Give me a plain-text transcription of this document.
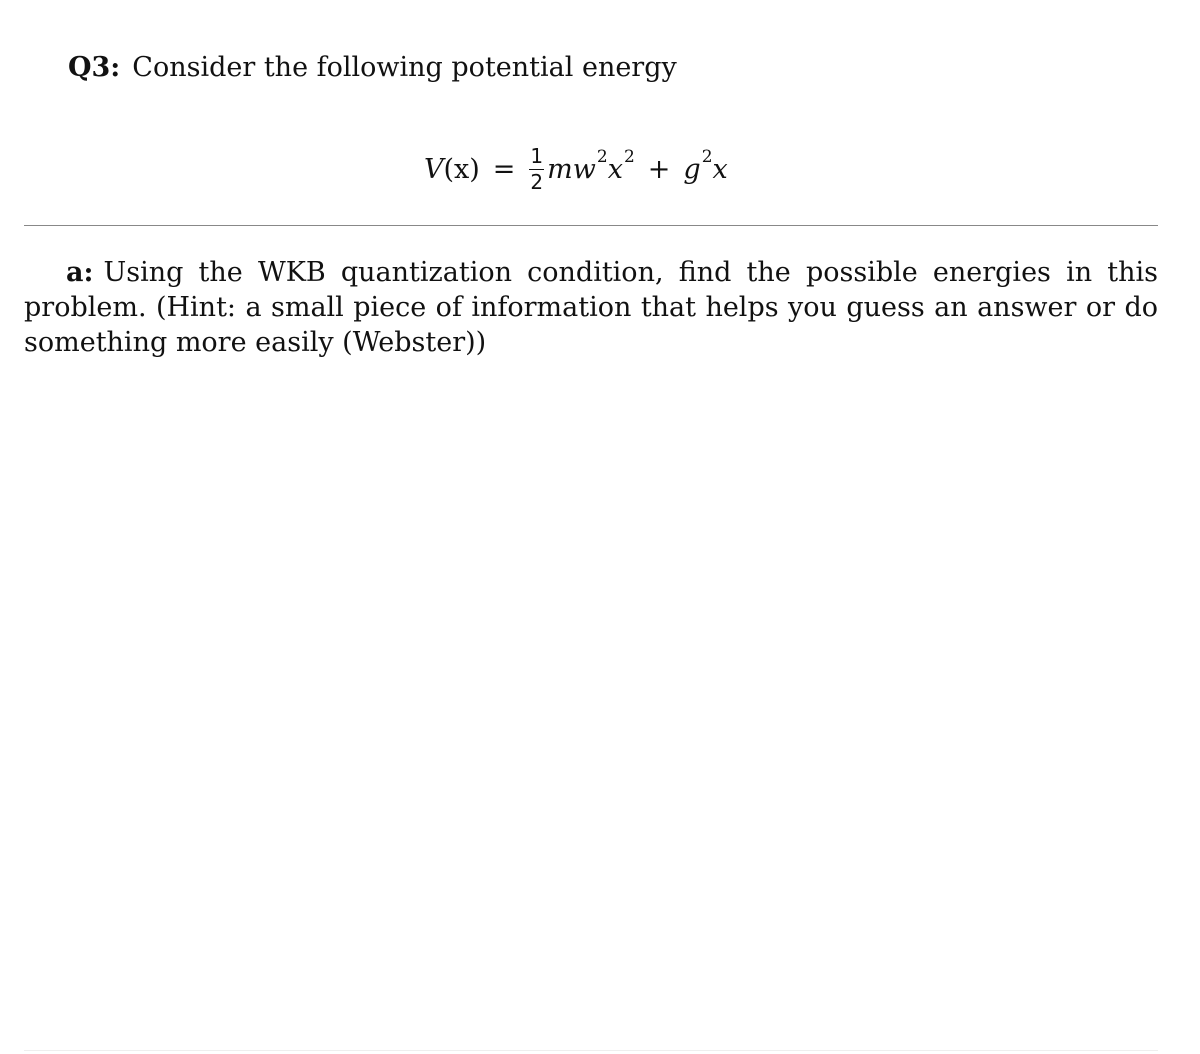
Q3: Consider the following potential energy
V $(x) = \frac{1}{2}$ m w 2 x 2 + g 2 x
a: Using the WKB quantization condition, find the possible energies in this problem. (Hint: a small piece of information that helps you guess an answer or do something more easily (Webster))
